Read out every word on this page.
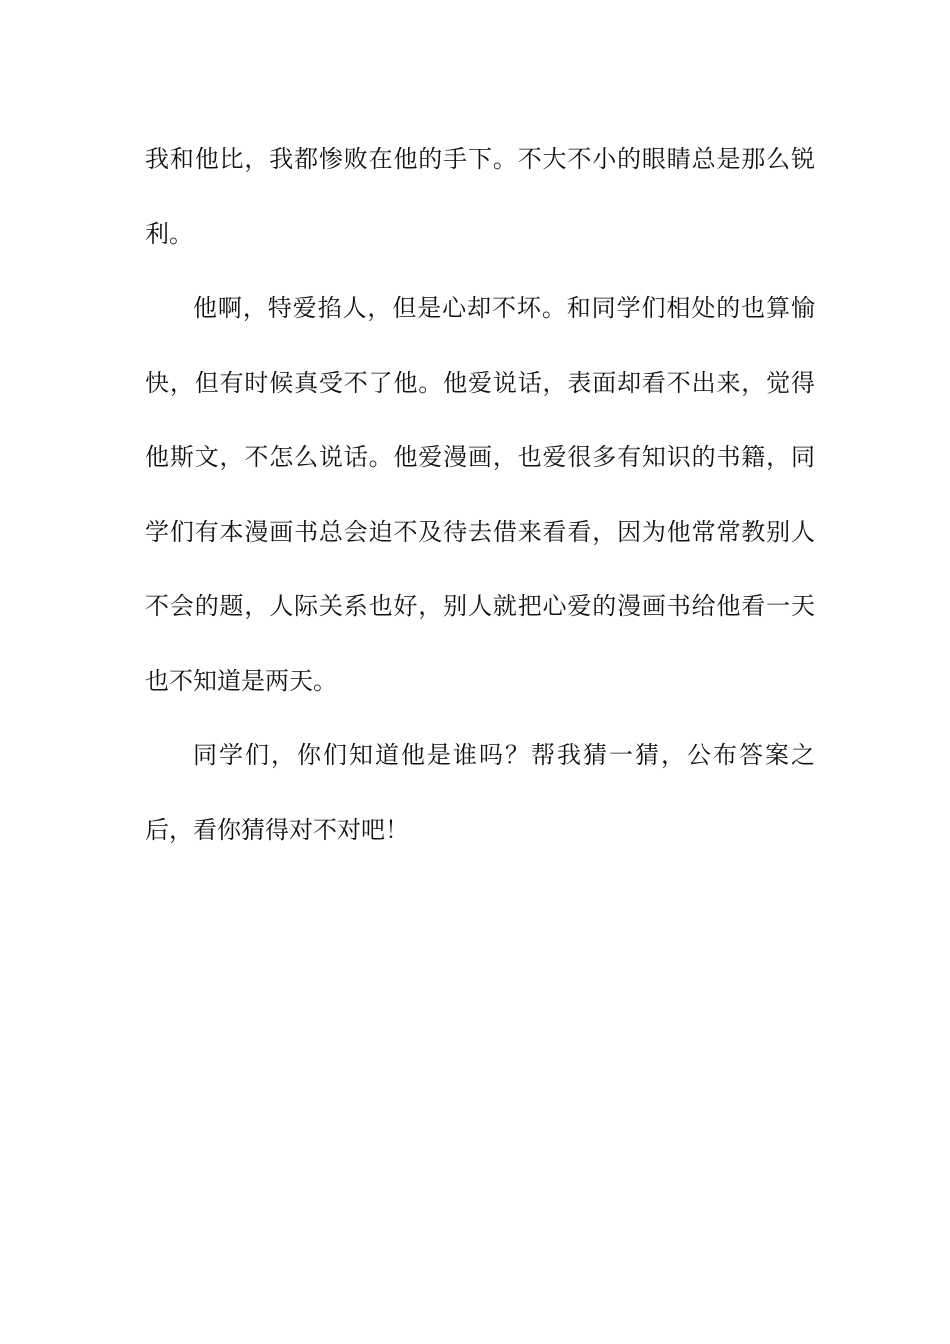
我和他比，我都惨败在他的手下。不大不小的眼睛总是那么锐利。

他啊，特爱掐人，但是心却不坏。和同学们相处的也算愉快，但有时候真受不了他。他爱说话，表面却看不出来，觉得他斯文，不怎么说话。他爱漫画，也爱很多有知识的书籍，同学们有本漫画书总会迫不及待去借来看看，因为他常常教别人不会的题，人际关系也好，别人就把心爱的漫画书给他看一天也不知道是两天。

同学们，你们知道他是谁吗？帮我猜一猜，公布答案之后，看你猜得对不对吧！
